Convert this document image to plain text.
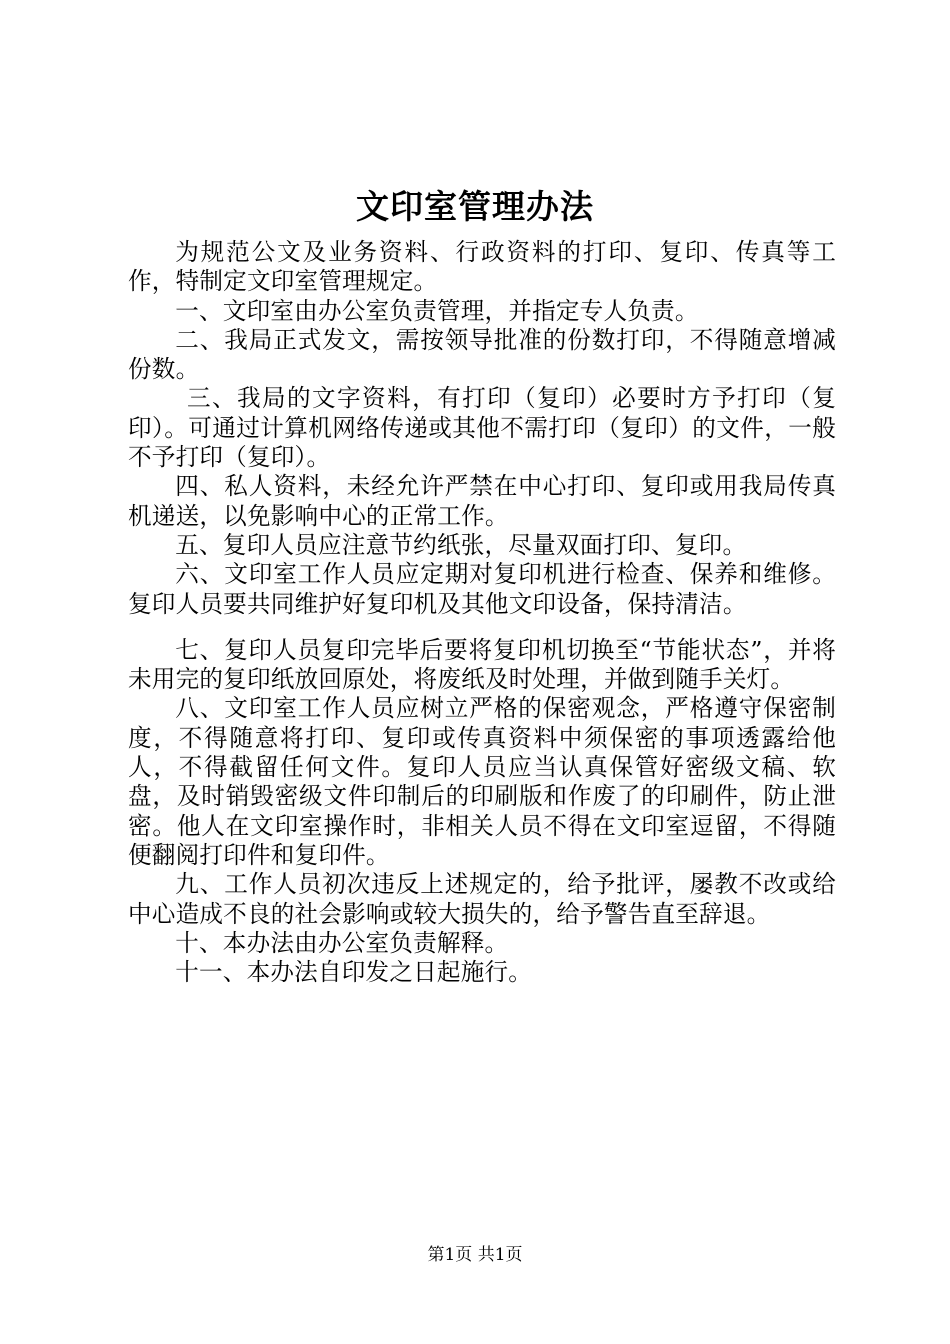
文印室管理办法

为规范公文及业务资料、行政资料的打印、复印、传真等工作，特制定文印室管理规定。

一、文印室由办公室负责管理，并指定专人负责。

二、我局正式发文，需按领导批准的份数打印，不得随意增减份数。

三、我局的文字资料，有打印（复印）必要时方予打印（复印）。可通过计算机网络传递或其他不需打印（复印）的文件，一般不予打印（复印）。

四、私人资料，未经允许严禁在中心打印、复印或用我局传真机递送，以免影响中心的正常工作。

五、复印人员应注意节约纸张，尽量双面打印、复印。

六、文印室工作人员应定期对复印机进行检查、保养和维修。复印人员要共同维护好复印机及其他文印设备，保持清洁。

七、复印人员复印完毕后要将复印机切换至“节能状态”，并将未用完的复印纸放回原处，将废纸及时处理，并做到随手关灯。

八、文印室工作人员应树立严格的保密观念，严格遵守保密制度，不得随意将打印、复印或传真资料中须保密的事项透露给他人，不得截留任何文件。复印人员应当认真保管好密级文稿、软盘，及时销毁密级文件印制后的印刷版和作废了的印刷件，防止泄密。他人在文印室操作时，非相关人员不得在文印室逗留，不得随便翻阅打印件和复印件。

九、工作人员初次违反上述规定的，给予批评，屡教不改或给中心造成不良的社会影响或较大损失的，给予警告直至辞退。

十、本办法由办公室负责解释。

十一、本办法自印发之日起施行。

第1页 共1页
